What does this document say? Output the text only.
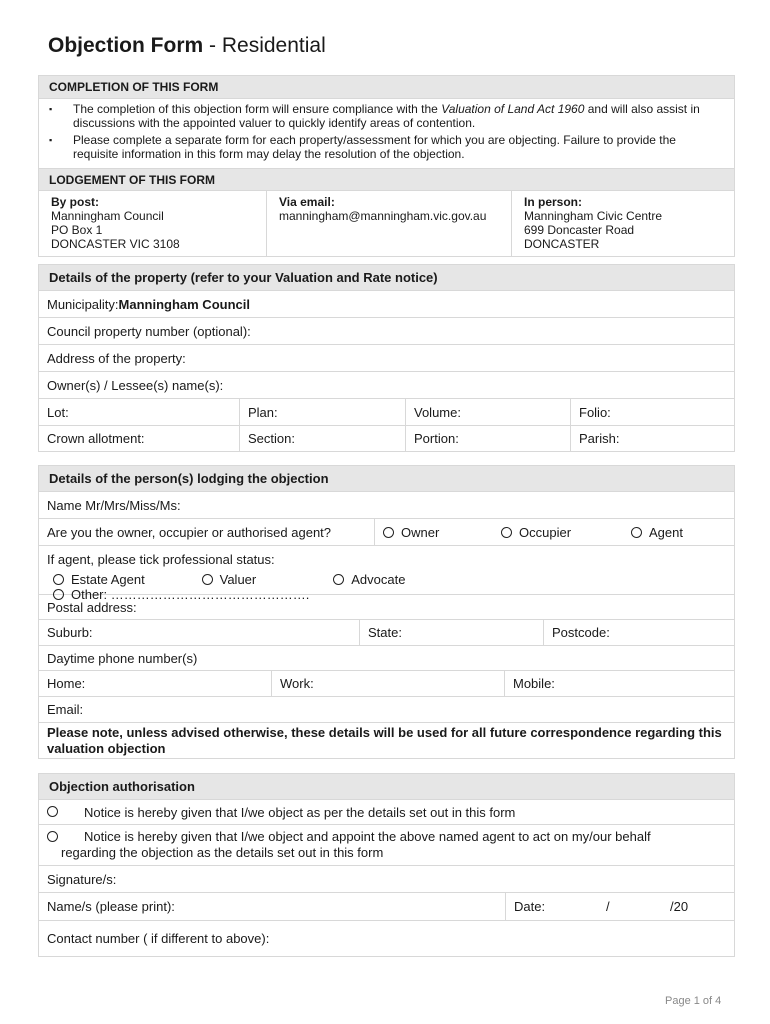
Objection Form - Residential
COMPLETION OF THIS FORM
▪ The completion of this objection form will ensure compliance with the Valuation of Land Act 1960 and will also assist in discussions with the appointed valuer to quickly identify areas of contention.
▪ Please complete a separate form for each property/assessment for which you are objecting. Failure to provide the requisite information in this form may delay the resolution of the objection.
LODGEMENT OF THIS FORM
By post:
Manningham Council
PO Box 1
DONCASTER VIC 3108
Via email:
manningham@manningham.vic.gov.au
In person:
Manningham Civic Centre
699 Doncaster Road
DONCASTER
Details of the property (refer to your Valuation and Rate notice)
Municipality: Manningham Council
Council property number (optional):
Address of the property:
Owner(s) / Lessee(s) name(s):
Lot:	Plan:	Volume:	Folio:
Crown allotment:	Section:	Portion:	Parish:
Details of the person(s) lodging the objection
Name Mr/Mrs/Miss/Ms:
Are you the owner, occupier or authorised agent?	Owner	Occupier	Agent
If agent, please tick professional status:
Estate Agent	Valuer	Advocate Other: ……………………………………….
Postal address:
Suburb:	State:	Postcode:
Daytime phone number(s)
Home:	Work:	Mobile:
Email:
Please note, unless advised otherwise, these details will be used for all future correspondence regarding this valuation objection
Objection authorisation
Notice is hereby given that I/we object as per the details set out in this form
Notice is hereby given that I/we object and appoint the above named agent to act on my/our behalf
regarding the objection as the details set out in this form
Signature/s:
Name/s (please print):	Date:	/	/20
Contact number ( if different to above):
Page 1 of 4
